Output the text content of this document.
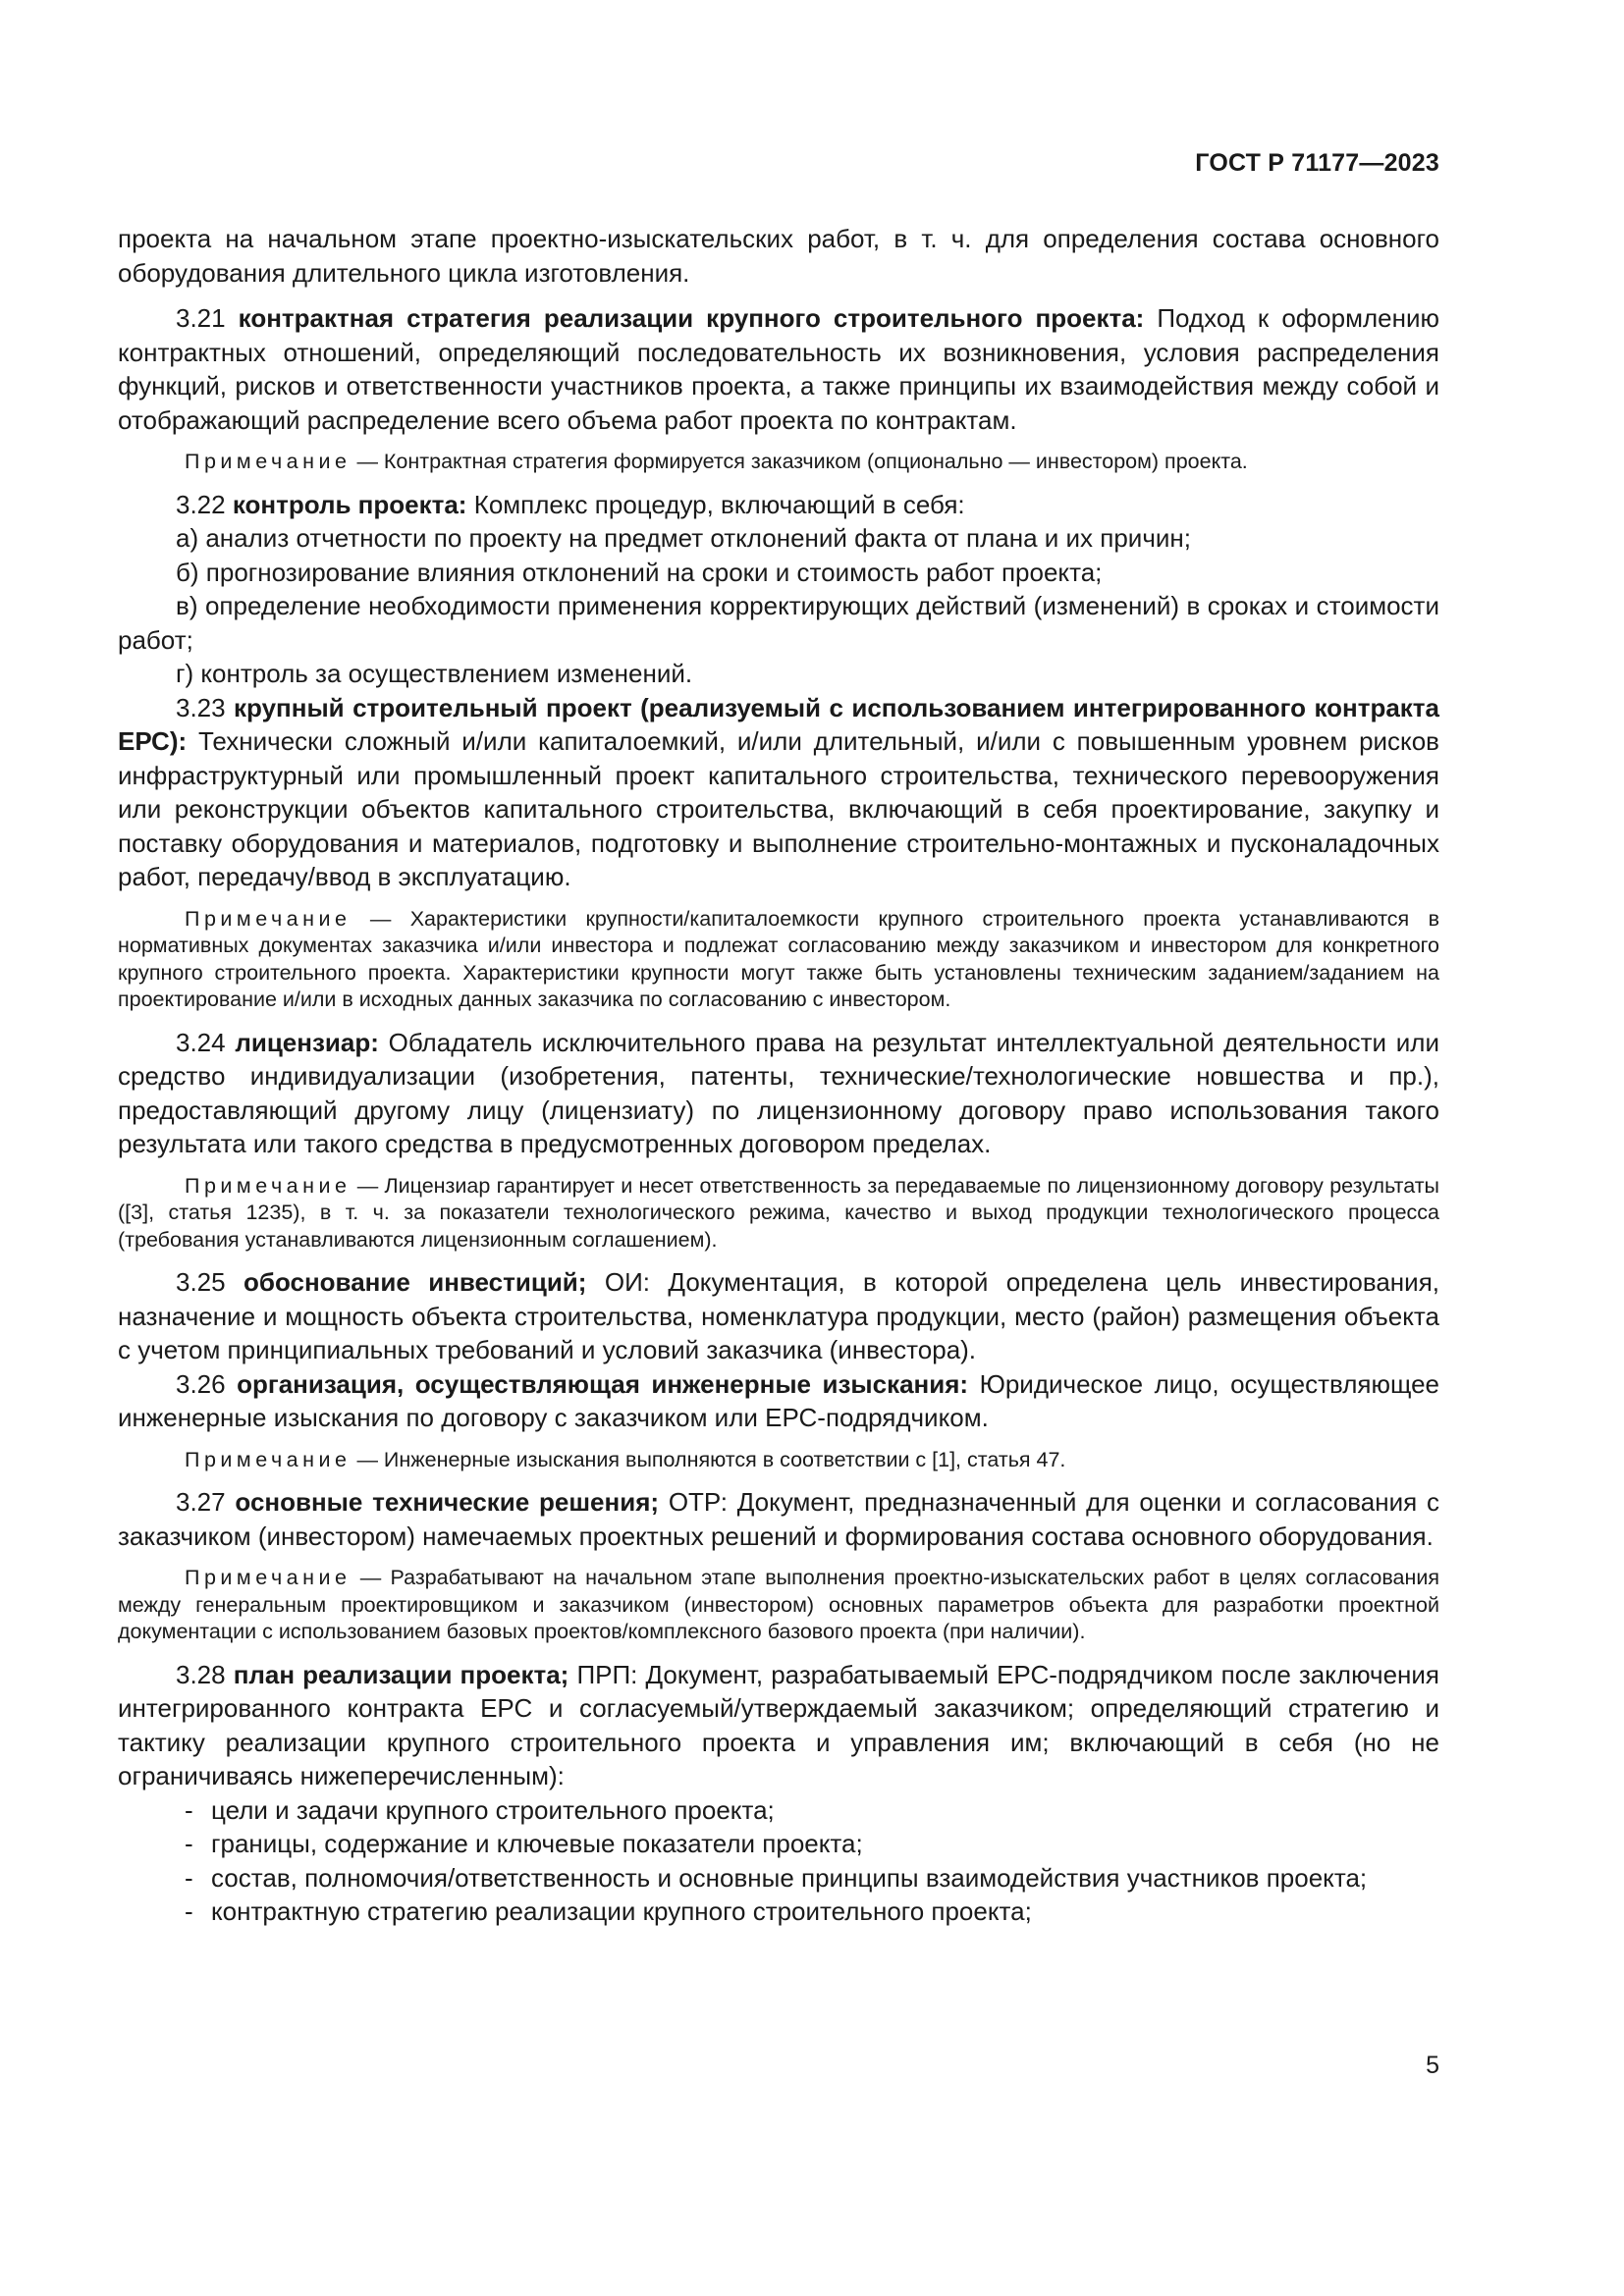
ГОСТ Р 71177—2023

проекта на начальном этапе проектно-изыскательских работ, в т. ч. для определения состава основного оборудования длительного цикла изготовления.

3.21 контрактная стратегия реализации крупного строительного проекта: Подход к оформлению контрактных отношений, определяющий последовательность их возникновения, условия распределения функций, рисков и ответственности участников проекта, а также принципы их взаимодействия между собой и отображающий распределение всего объема работ проекта по контрактам.

Примечание — Контрактная стратегия формируется заказчиком (опционально — инвестором) проекта.

3.22 контроль проекта: Комплекс процедур, включающий в себя:

а) анализ отчетности по проекту на предмет отклонений факта от плана и их причин;

б) прогнозирование влияния отклонений на сроки и стоимость работ проекта;

в) определение необходимости применения корректирующих действий (изменений) в сроках и стоимости работ;

г) контроль за осуществлением изменений.

3.23 крупный строительный проект (реализуемый с использованием интегрированного контракта ЕРС): Технически сложный и/или капиталоемкий, и/или длительный, и/или с повышенным уровнем рисков инфраструктурный или промышленный проект капитального строительства, технического перевооружения или реконструкции объектов капитального строительства, включающий в себя проектирование, закупку и поставку оборудования и материалов, подготовку и выполнение строительно-монтажных и пусконаладочных работ, передачу/ввод в эксплуатацию.

Примечание — Характеристики крупности/капиталоемкости крупного строительного проекта устанавливаются в нормативных документах заказчика и/или инвестора и подлежат согласованию между заказчиком и инвестором для конкретного крупного строительного проекта. Характеристики крупности могут также быть установлены техническим заданием/заданием на проектирование и/или в исходных данных заказчика по согласованию с инвестором.

3.24 лицензиар: Обладатель исключительного права на результат интеллектуальной деятельности или средство индивидуализации (изобретения, патенты, технические/технологические новшества и пр.), предоставляющий другому лицу (лицензиату) по лицензионному договору право использования такого результата или такого средства в предусмотренных договором пределах.

Примечание — Лицензиар гарантирует и несет ответственность за передаваемые по лицензионному договору результаты ([3], статья 1235), в т. ч. за показатели технологического режима, качество и выход продукции технологического процесса (требования устанавливаются лицензионным соглашением).

3.25 обоснование инвестиций; ОИ: Документация, в которой определена цель инвестирования, назначение и мощность объекта строительства, номенклатура продукции, место (район) размещения объекта с учетом принципиальных требований и условий заказчика (инвестора).

3.26 организация, осуществляющая инженерные изыскания: Юридическое лицо, осуществляющее инженерные изыскания по договору с заказчиком или ЕРС-подрядчиком.

Примечание — Инженерные изыскания выполняются в соответствии с [1], статья 47.

3.27 основные технические решения; ОТР: Документ, предназначенный для оценки и согласования с заказчиком (инвестором) намечаемых проектных решений и формирования состава основного оборудования.

Примечание — Разрабатывают на начальном этапе выполнения проектно-изыскательских работ в целях согласования между генеральным проектировщиком и заказчиком (инвестором) основных параметров объекта для разработки проектной документации с использованием базовых проектов/комплексного базового проекта (при наличии).

3.28 план реализации проекта; ПРП: Документ, разрабатываемый ЕРС-подрядчиком после заключения интегрированного контракта ЕРС и согласуемый/утверждаемый заказчиком; определяющий стратегию и тактику реализации крупного строительного проекта и управления им; включающий в себя (но не ограничиваясь нижеперечисленным):

- цели и задачи крупного строительного проекта;

- границы, содержание и ключевые показатели проекта;

- состав, полномочия/ответственность и основные принципы взаимодействия участников проекта;

- контрактную стратегию реализации крупного строительного проекта;

5
